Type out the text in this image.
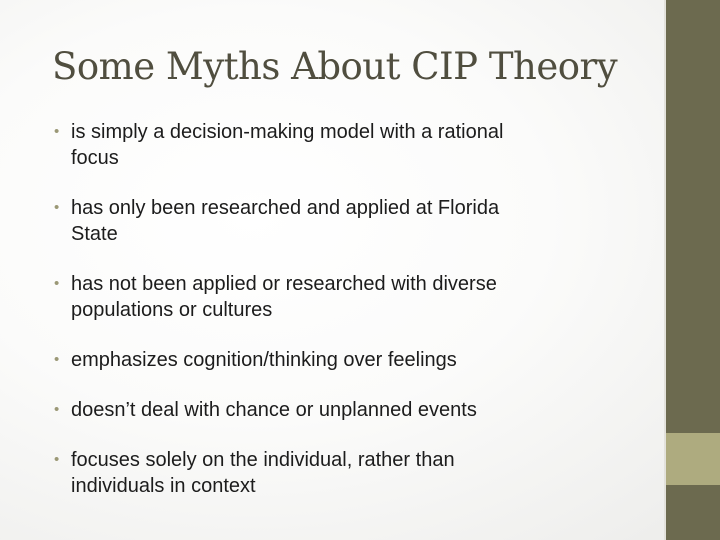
Some Myths About CIP Theory
• is simply a decision-making model with a rational
focus
• has only been researched and applied at Florida
State
• has not been applied or researched with diverse
populations or cultures
• emphasizes cognition/thinking over feelings
• doesn’t deal with chance or unplanned events
• focuses solely on the individual, rather than
individuals in context
